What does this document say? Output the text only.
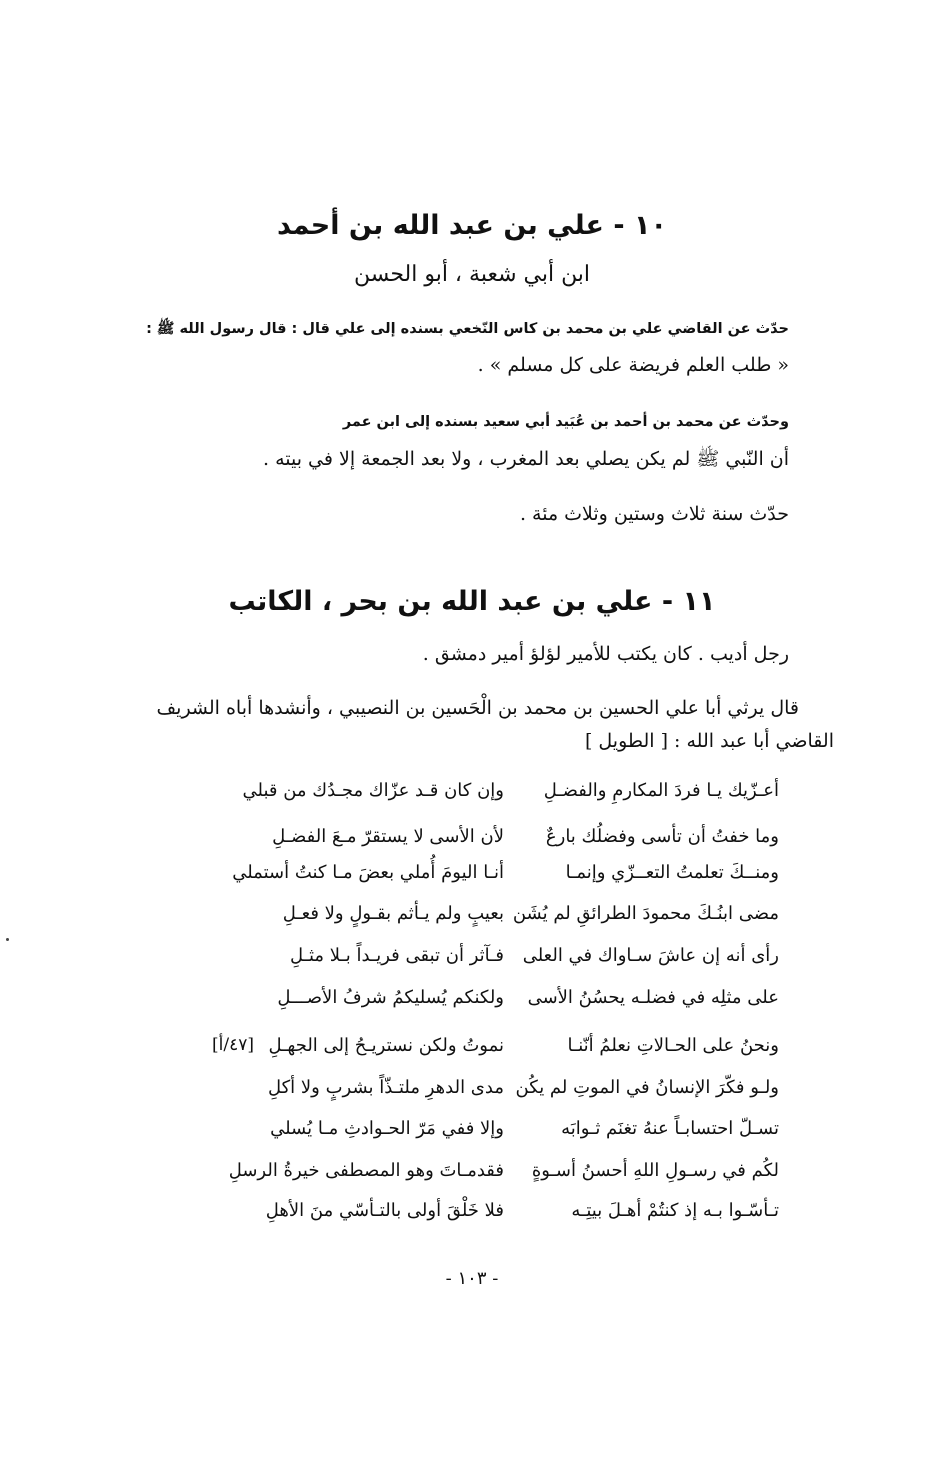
١٠ - علي بن عبد الله بن أحمد
ابن أبي شعبة ، أبو الحسن
حدّث عن القاضي علي بن محمد بن كاس النّخعي بسنده إلى علي قال : قال رسول الله ﷺ :
« طلب العلم فريضة على كل مسلم » .
وحدّث عن محمد بن أحمد بن عُبَيد أبي سعيد بسنده إلى ابن عمر
أن النّبي ﷺ لم يكن يصلي بعد المغرب ، ولا بعد الجمعة إلا في بيته .
حدّث سنة ثلاث وستين وثلاث مئة .
١١ - علي بن عبد الله بن بحر ، الكاتب
رجل أديب . كان يكتب للأمير لؤلؤ أمير دمشق .
قال يرثي أبا علي الحسين بن محمد بن الْحَسين بن النصيبي ، وأنشدها أباه الشريف
القاضي أبا عبد الله : [ الطويل ]
أعـزّيك يـا فردَ المكارمِ والفضـلِ
وإن كان قـد عزّاك مجـدُك من قبلي
وما خفتُ أن تأسى وفضلُك بارعٌ
لأن الأسى لا يستقرّ مـعَ الفضـلِ
ومنــكَ تعلمتُ التعــزّي وإنمـا
أنـا اليومَ أُملي بعضَ مـا كنتُ أستملي
مضى ابنُـكَ محمودَ الطرائقِ لم يُشَن
بعيبٍ ولم يـأثم بقـولٍ ولا فعـلِ
رأى أنه إن عاشَ سـاواك في العلى
فـآثر أن تبقى فريـداً بـلا مثـلِ
على مثلِه في فضلـه يحسُنُ الأسى
ولكنكم يُسليكمُ شرفُ الأصـــلِ
[٤٧/أ]	ونحنُ على الحـالاتِ نعلمُ أنّنـا
نموتُ ولكن نستريـحُ إلى الجهـلِ
ولـو فكّرَ الإنسانُ في الموتِ لم يكُن
مدى الدهرِ ملتـذّاً بشربٍ ولا أكلِ
تسـلّ احتسابـاً عنهُ تغنَم ثـوابَه
وإلا ففي مَرّ الحـوادثِ مـا يُسلي
لكُم في رسـولِ اللهِ أحسنُ أسـوةٍ
فقدمـاتَ وهو المصطفى خيرةُ الرسلِ
تـأسّـوا بـه إذ كنتُمْ أهـلَ بيتِـه
فلا خَلْقَ أولى بالتـأسّي منَ الأهلِ
- ١٠٣ -
